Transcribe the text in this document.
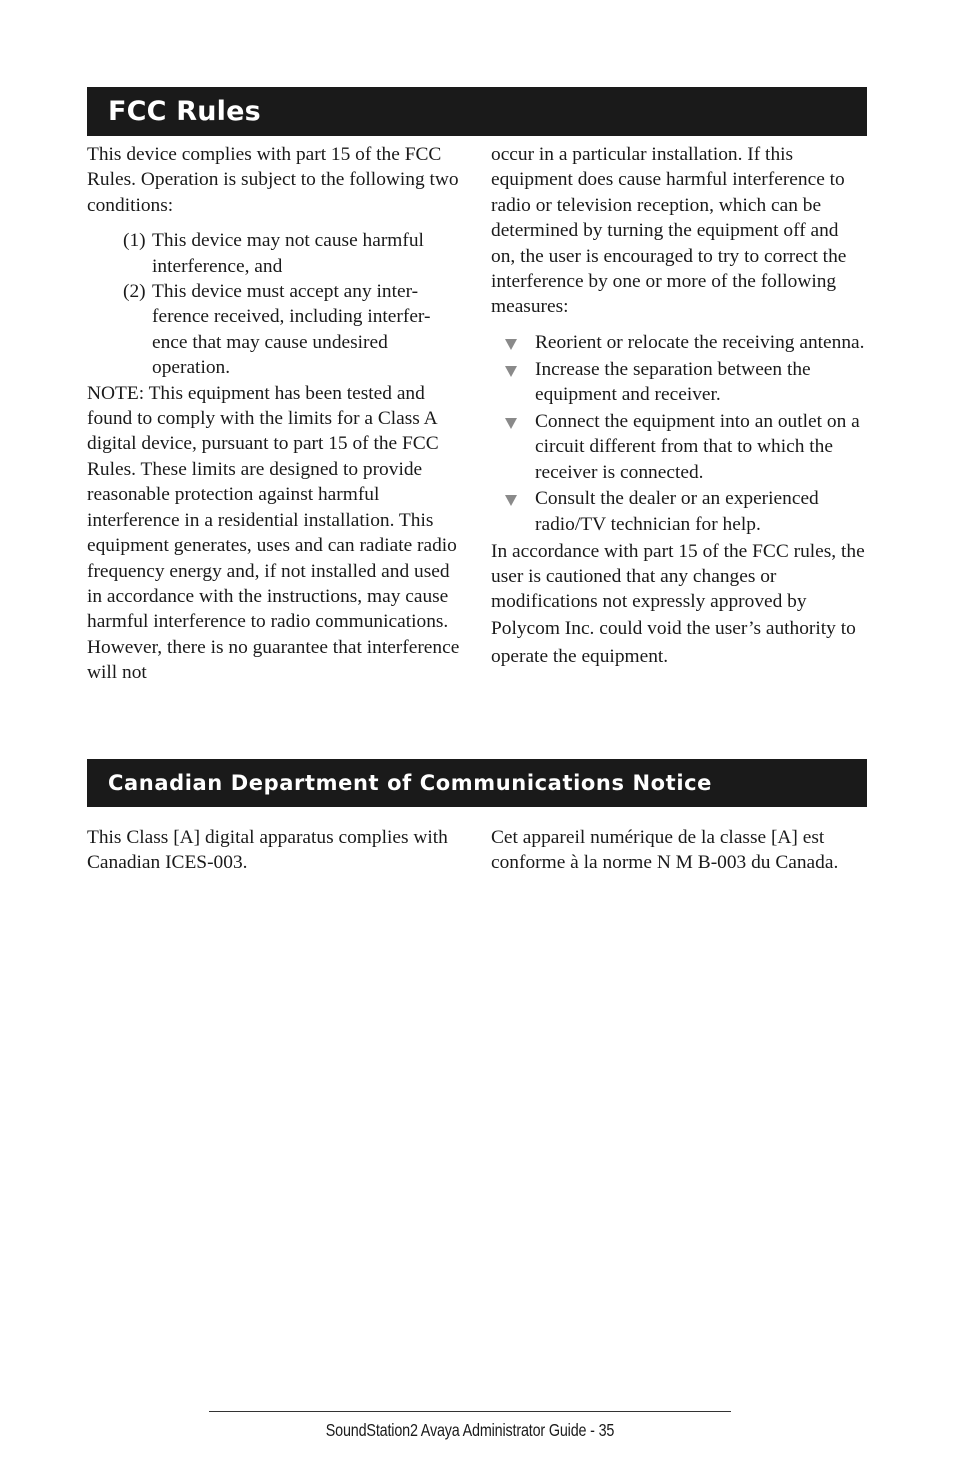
FCC Rules

This device complies with part 15 of the FCC Rules. Operation is subject to the following two conditions:

(1) This device may not cause harmful interference, and
(2) This device must accept any inter-ference received, including interfer-ence that may cause undesired operation.

NOTE: This equipment has been tested and found to comply with the limits for a Class A digital device, pursuant to part 15 of the FCC Rules. These limits are designed to provide reasonable protection against harmful interference in a residential installation. This equipment generates, uses and can radiate radio frequency energy and, if not installed and used in accordance with the instructions, may cause harmful interference to radio communications. However, there is no guarantee that interference will not

occur in a particular installation. If this equipment does cause harmful interference to radio or television reception, which can be determined by turning the equipment off and on, the user is encouraged to try to correct the interference by one or more of the following measures:

Reorient or relocate the receiving antenna.
Increase the separation between the equipment and receiver.
Connect the equipment into an outlet on a circuit different from that to which the receiver is connected.
Consult the dealer or an experienced radio/TV technician for help.

In accordance with part 15 of the FCC rules, the user is cautioned that any changes or modifications not expressly approved by Polycom Inc. could void the user’s authority to operate the equipment.

Canadian Department of Communications Notice

This Class [A] digital apparatus complies with Canadian ICES-003.

Cet appareil numérique de la classe [A] est conforme à la norme N M B-003 du Canada.

SoundStation2 Avaya Administrator Guide - 35
